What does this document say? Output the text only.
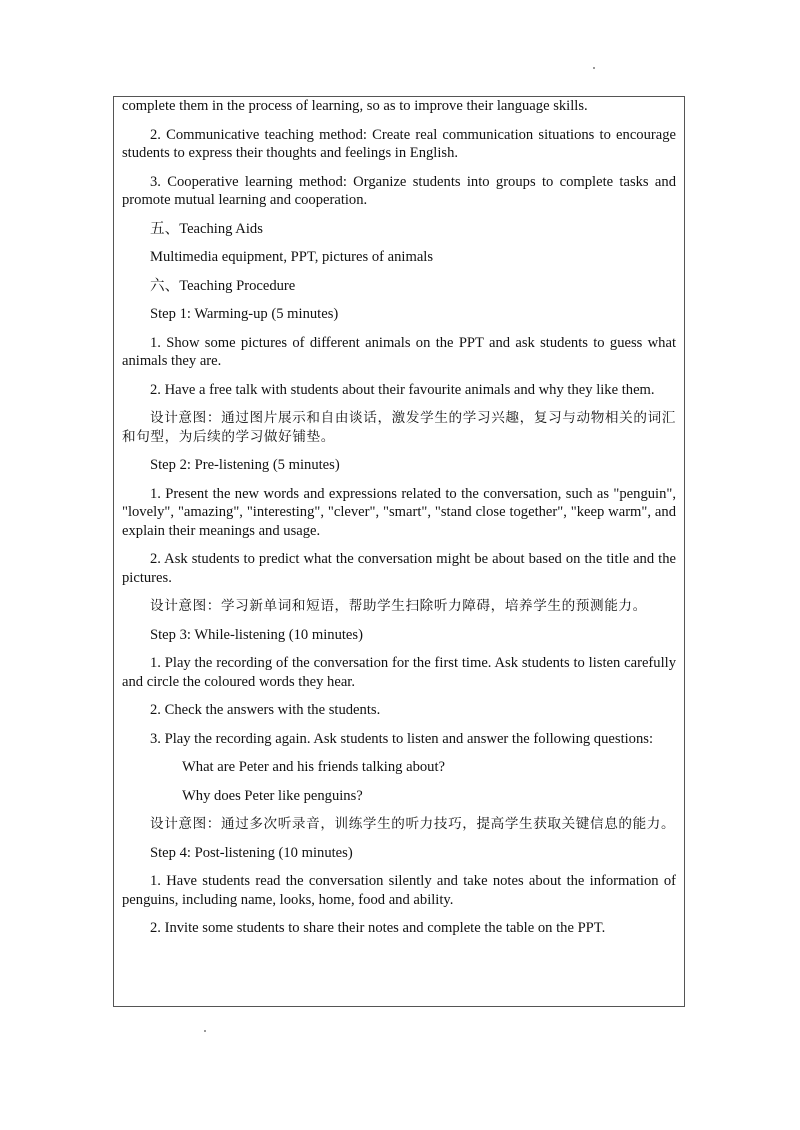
complete them in the process of learning, so as to improve their language skills.

2. Communicative teaching method: Create real communication situations to encourage students to express their thoughts and feelings in English.

3. Cooperative learning method: Organize students into groups to complete tasks and promote mutual learning and cooperation.

五、Teaching Aids

Multimedia equipment, PPT, pictures of animals

六、Teaching Procedure

Step 1: Warming-up (5 minutes)

1. Show some pictures of different animals on the PPT and ask students to guess what animals they are.

2. Have a free talk with students about their favourite animals and why they like them.

设计意图：通过图片展示和自由谈话，激发学生的学习兴趣，复习与动物相关的词汇和句型，为后续的学习做好铺垫。

Step 2: Pre-listening (5 minutes)

1. Present the new words and expressions related to the conversation, such as "penguin", "lovely", "amazing", "interesting", "clever", "smart", "stand close together", "keep warm", and explain their meanings and usage.

2. Ask students to predict what the conversation might be about based on the title and the pictures.

设计意图：学习新单词和短语，帮助学生扫除听力障碍，培养学生的预测能力。

Step 3: While-listening (10 minutes)

1. Play the recording of the conversation for the first time. Ask students to listen carefully and circle the coloured words they hear.

2. Check the answers with the students.

3. Play the recording again. Ask students to listen and answer the following questions:

What are Peter and his friends talking about?

Why does Peter like penguins?

设计意图：通过多次听录音，训练学生的听力技巧，提高学生获取关键信息的能力。

Step 4: Post-listening (10 minutes)

1. Have students read the conversation silently and take notes about the information of penguins, including name, looks, home, food and ability.

2. Invite some students to share their notes and complete the table on the PPT.
